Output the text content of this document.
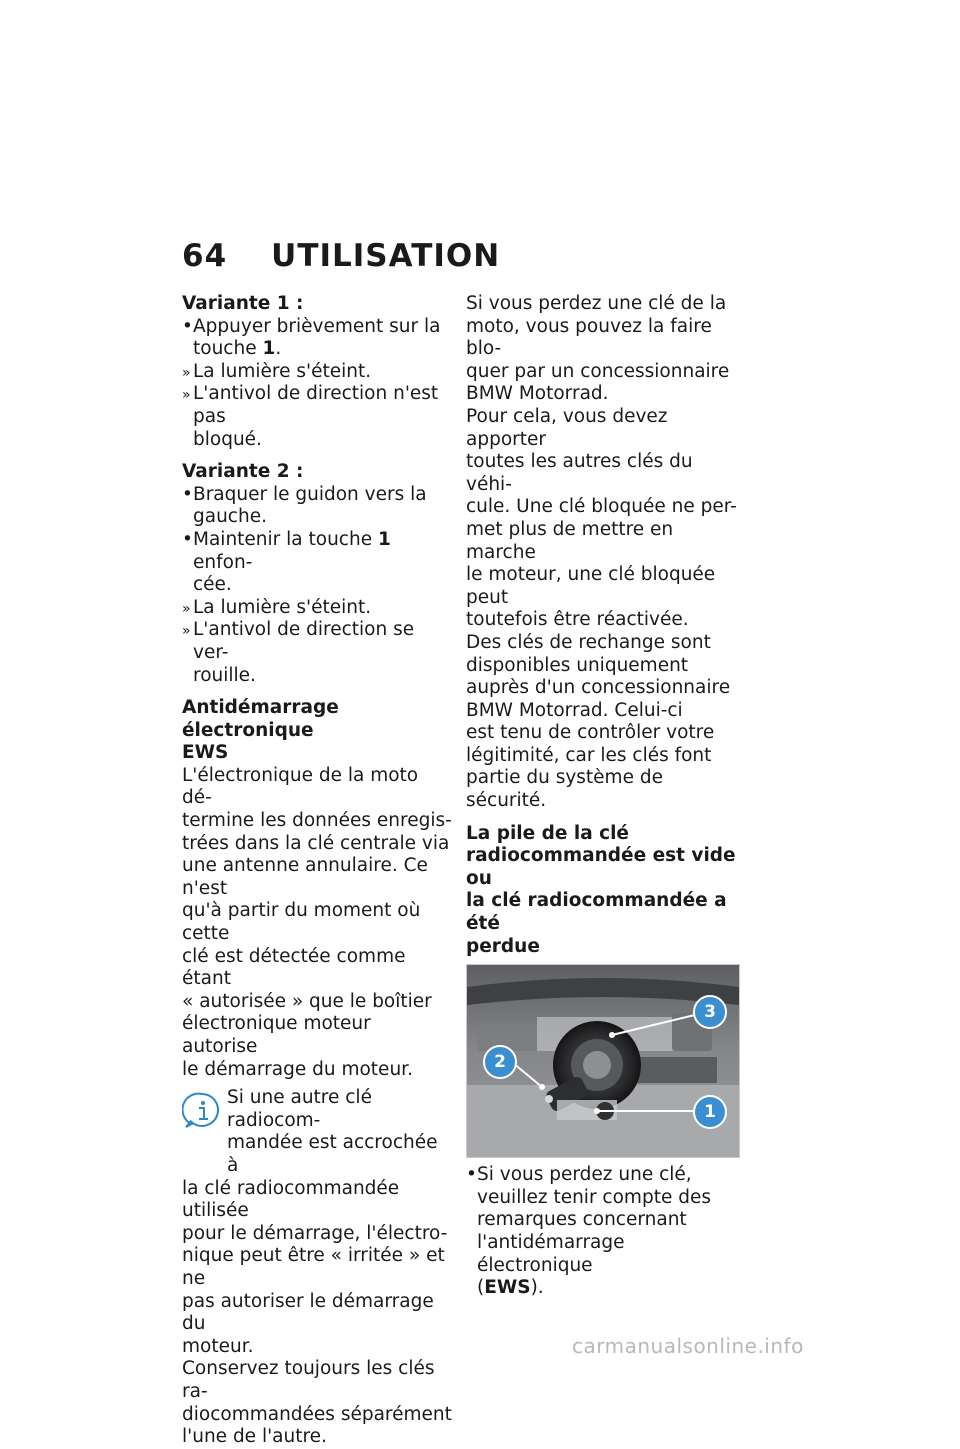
64 UTILISATION

Variante 1 :

• Appuyer brièvement sur la
touche 1.
» La lumière s'éteint.
» L'antivol de direction n'est pas
bloqué.

Variante 2 :

• Braquer le guidon vers la
gauche.
• Maintenir la touche 1 enfon-
cée.
» La lumière s'éteint.
» L'antivol de direction se ver-
rouille.

Antidémarrage électronique
EWS

L'électronique de la moto dé-
termine les données enregis-
trées dans la clé centrale via
une antenne annulaire. Ce n'est
qu'à partir du moment où cette
clé est détectée comme étant
« autorisée » que le boîtier
électronique moteur autorise
le démarrage du moteur.

Si une autre clé radiocom-
mandée est accrochée à
la clé radiocommandée utilisée
pour le démarrage, l'électro-
nique peut être « irritée » et ne
pas autoriser le démarrage du
moteur.
Conservez toujours les clés ra-
diocommandées séparément
l'une de l'autre.

Si vous perdez une clé de la
moto, vous pouvez la faire blo-
quer par un concessionnaire
BMW Motorrad.

Pour cela, vous devez apporter
toutes les autres clés du véhi-
cule. Une clé bloquée ne per-
met plus de mettre en marche
le moteur, une clé bloquée peut
toutefois être réactivée.

Des clés de rechange sont
disponibles uniquement
auprès d'un concessionnaire
BMW Motorrad. Celui-ci
est tenu de contrôler votre
légitimité, car les clés font
partie du système de sécurité.

La pile de la clé
radiocommandée est vide ou
la clé radiocommandée a été
perdue

1
2
3
• Si vous perdez une clé,
veuillez tenir compte des
remarques concernant
l'antidémarrage électronique
(EWS).
carmanualsonline.info
